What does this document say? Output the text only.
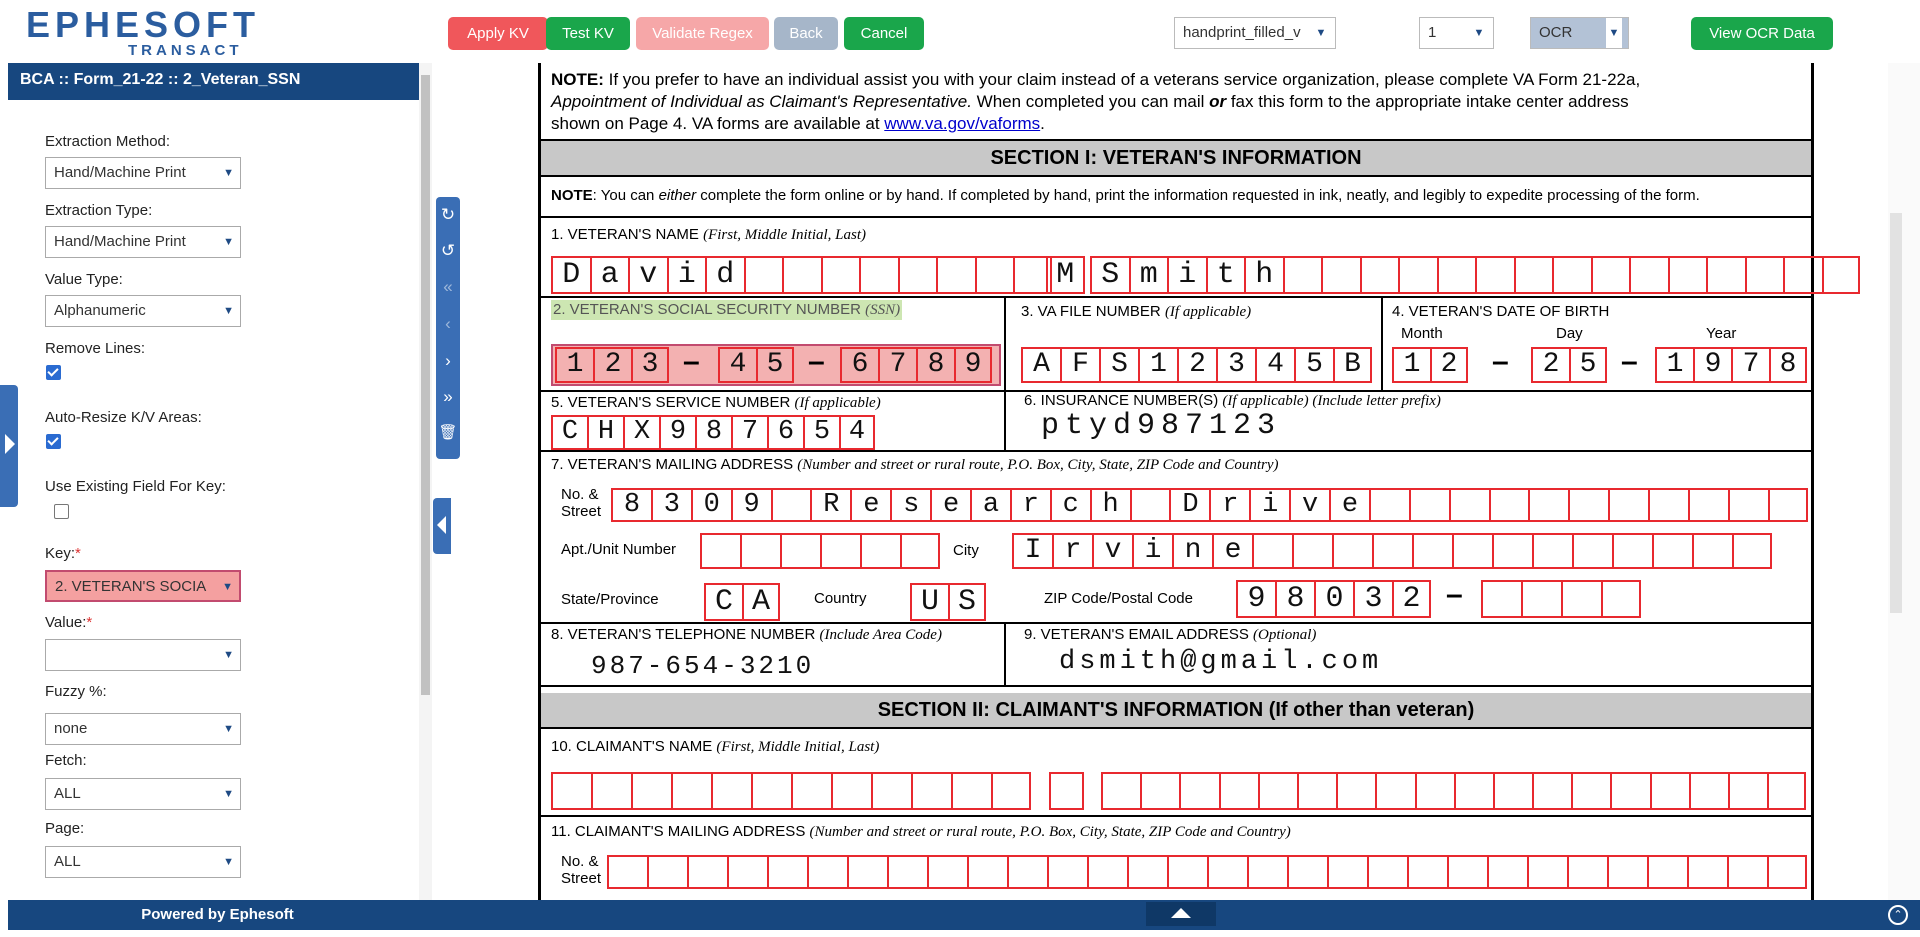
EPHESOFT
TRANSACT
Apply KV	Test KV	Validate Regex	Back	Cancel	handprint_filled_v ▼	1	▼	OCR	▼	View OCR Data
BCA :: Form_21-22 :: 2_Veteran_SSN
Extraction Method:
Hand/Machine Print	▼
Extraction Type:
Hand/Machine Print	▼
Value Type:
Alphanumeric	▼
Remove Lines:
Auto-Resize K/V Areas:
Use Existing Field For Key:
Key:*
2. VETERAN'S SOCIA ▼
Value:*
▼
Fuzzy %:
none	▼
Fetch:
ALL	▼
Page:
ALL	▼
NOTE: If you prefer to have an individual assist you with your claim instead of a veterans service organization, please complete VA Form 21-22a,
Appointment of Individual as Claimant's Representative. When completed you can mail or fax this form to the appropriate intake center address
shown on Page 4. VA forms are available at www.va.gov/vaforms.
SECTION I: VETERAN'S INFORMATION
NOTE: You can either complete the form online or by hand. If completed by hand, print the information requested in ink, neatly, and legibly to expedite processing of the form.
1. VETERAN'S NAME (First, Middle Initial, Last)
D a v i d	M S m i t h
2. VETERAN'S SOCIAL SECURITY NUMBER (SSN)
1 2 3 –	4 5 – 6 7 8 9
3. VA FILE NUMBER (If applicable)
A F S 1 2 3 4 5 B
4. VETERAN'S DATE OF BIRTH
Month	Day	Year
1 2	–	2 5 –	1 9 7 8
5. VETERAN'S SERVICE NUMBER (If applicable)
C H X 9 8 7 6 5 4
6. INSURANCE NUMBER(S) (If applicable) (Include letter prefix)
ptyd987123
7. VETERAN'S MAILING ADDRESS (Number and street or rural route, P.O. Box, City, State, ZIP Code and Country)
No. &
Street 8 3 0 9	R e s e a r c h	D r i v e
Apt./Unit Number	City	I r v i n e
State/Province	C A	Country	U S	ZIP Code/Postal Code	9 8 0 3 2 –
8. VETERAN'S TELEPHONE NUMBER (Include Area Code)
987-654-3210
9. VETERAN'S EMAIL ADDRESS (Optional)
dsmith@gmail.com
SECTION II: CLAIMANT'S INFORMATION (If other than veteran)
10. CLAIMANT'S NAME (First, Middle Initial, Last)
11. CLAIMANT'S MAILING ADDRESS (Number and street or rural route, P.O. Box, City, State, ZIP Code and Country)
No. &
Street
↻
↺
«
‹
›
»
🗑
Powered by Ephesoft	⌃
